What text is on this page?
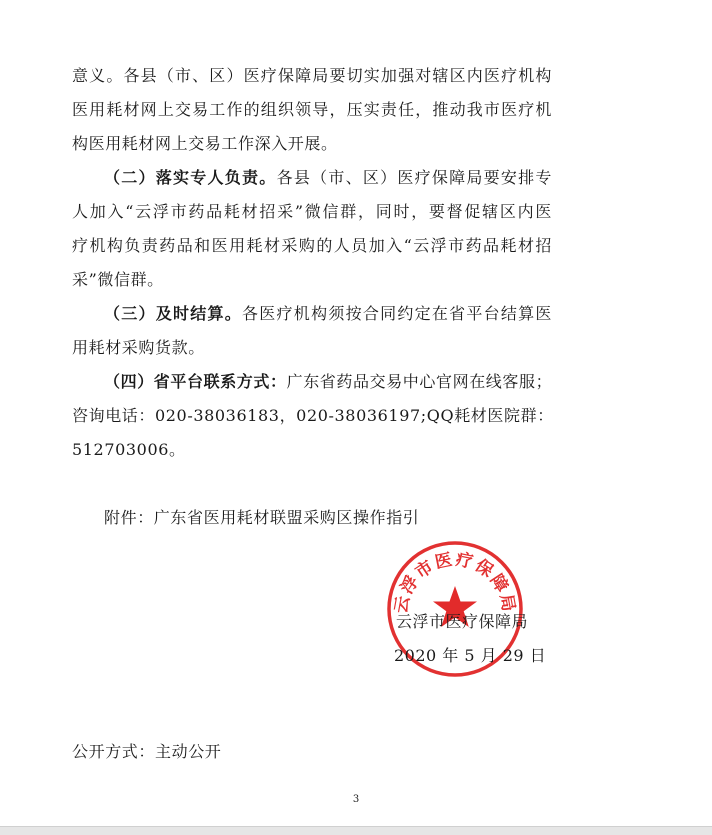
意义。各县（市、区）医疗保障局要切实加强对辖区内医疗机构
医用耗材网上交易工作的组织领导，压实责任，推动我市医疗机
构医用耗材网上交易工作深入开展。
（二）落实专人负责。各县（市、区）医疗保障局要安排专
人加入“云浮市药品耗材招采”微信群，同时，要督促辖区内医
疗机构负责药品和医用耗材采购的人员加入“云浮市药品耗材招
采”微信群。
（三）及时结算。各医疗机构须按合同约定在省平台结算医
用耗材采购货款。
（四）省平台联系方式：广东省药品交易中心官网在线客服；
咨询电话：020-38036183，020-38036197;QQ耗材医院群：
512703006。
附件：广东省医用耗材联盟采购区操作指引
云浮市医疗保障局
云浮市医疗保障局
2020 年 5 月 29 日
公开方式：主动公开
3
